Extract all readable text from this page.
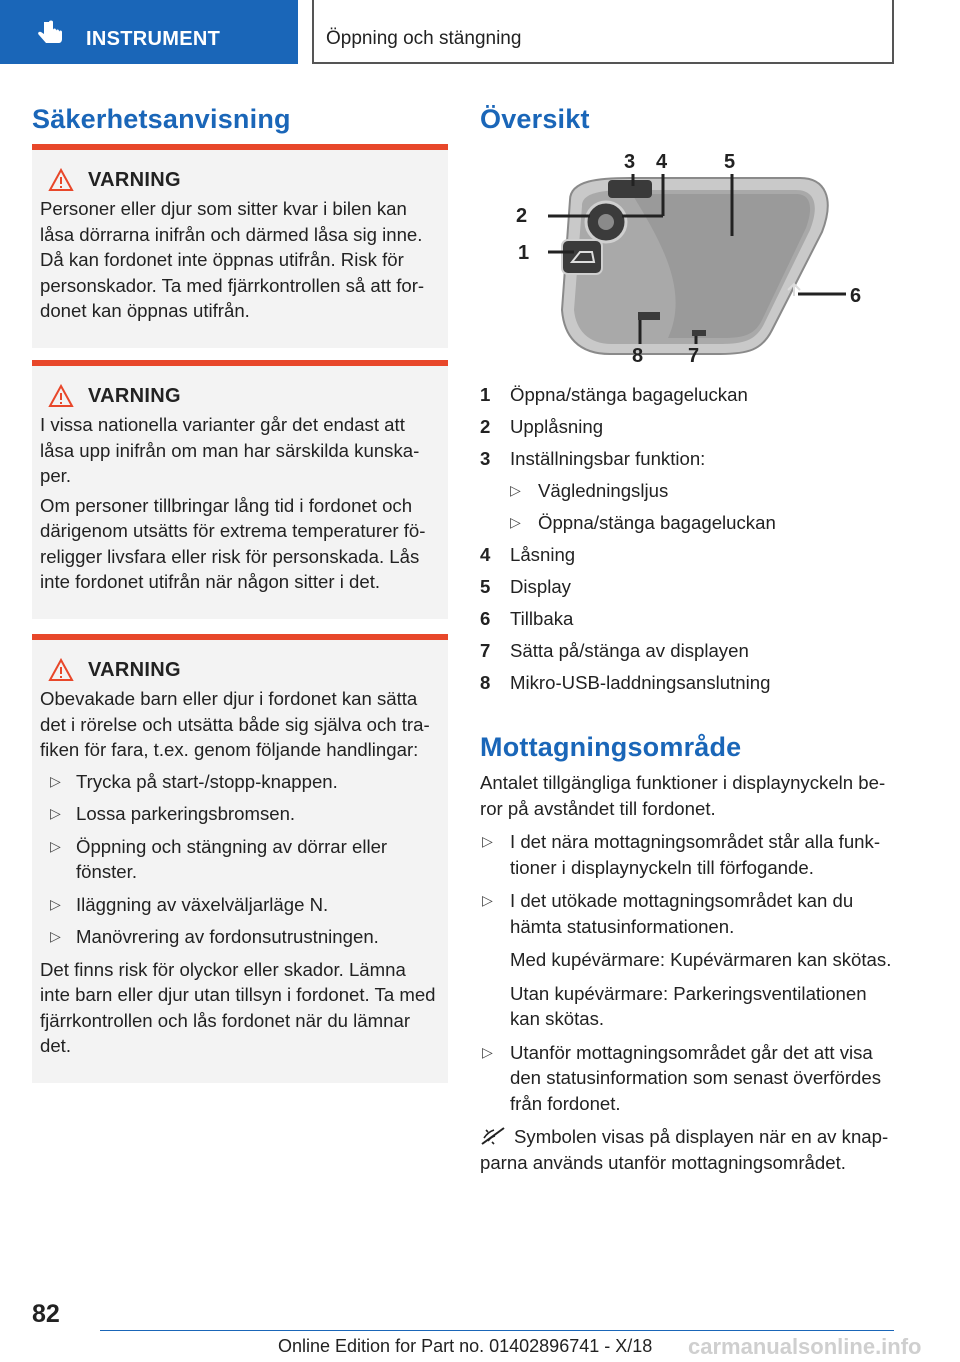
INSTRUMENT	Öppning och stängning
Säkerhetsanvisning
VARNING

Personer eller djur som sitter kvar i bilen kan låsa dörrarna inifrån och därmed låsa sig inne. Då kan fordonet inte öppnas utifrån. Risk för personskador. Ta med fjärrkontrollen så att fordonet kan öppnas utifrån.

VARNING

I vissa nationella varianter går det endast att låsa upp inifrån om man har särskilda kunskaper.

Om personer tillbringar lång tid i fordonet och därigenom utsätts för extrema temperaturer föreligger livsfara eller risk för personskada. Lås inte fordonet utifrån när någon sitter i det.

VARNING

Obevakade barn eller djur i fordonet kan sätta det i rörelse och utsätta både sig själva och trafiken för fara, t.ex. genom följande handlingar:

▷ Trycka på start-/stopp-knappen.
▷ Lossa parkeringsbromsen.
▷ Öppning och stängning av dörrar eller fönster.
▷ Iläggning av växelväljarläge N.
▷ Manövrering av fordonsutrustningen.

Det finns risk för olyckor eller skador. Lämna inte barn eller djur utan tillsyn i fordonet. Ta med fjärrkontrollen och lås fordonet när du lämnar det.

Översikt
1
2
3 4	5
6
7
8
1 Öppna/stänga bagageluckan
2 Upplåsning
3 Inställningsbar funktion:
▷ Vägledningsljus
▷ Öppna/stänga bagageluckan
4 Låsning
5 Display
6 Tillbaka
7 Sätta på/stänga av displayen
8 Mikro-USB-laddningsanslutning
Mottagningsområde

Antalet tillgängliga funktioner i displaynyckeln beror på avståndet till fordonet.

▷ I det nära mottagningsområdet står alla funktioner i displaynyckeln till förfogande.

▷ I det utökade mottagningsområdet kan du hämta statusinformationen.

Med kupévärmare: Kupévärmaren kan skötas.

Utan kupévärmare: Parkeringsventilationen kan skötas.

▷ Utanför mottagningsområdet går det att visa den statusinformation som senast överfördes från fordonet.

Symbolen visas på displayen när en av knapparna används utanför mottagningsområdet.

82
Online Edition for Part no. 01402896741 - X/18 carmanualsonline.info
